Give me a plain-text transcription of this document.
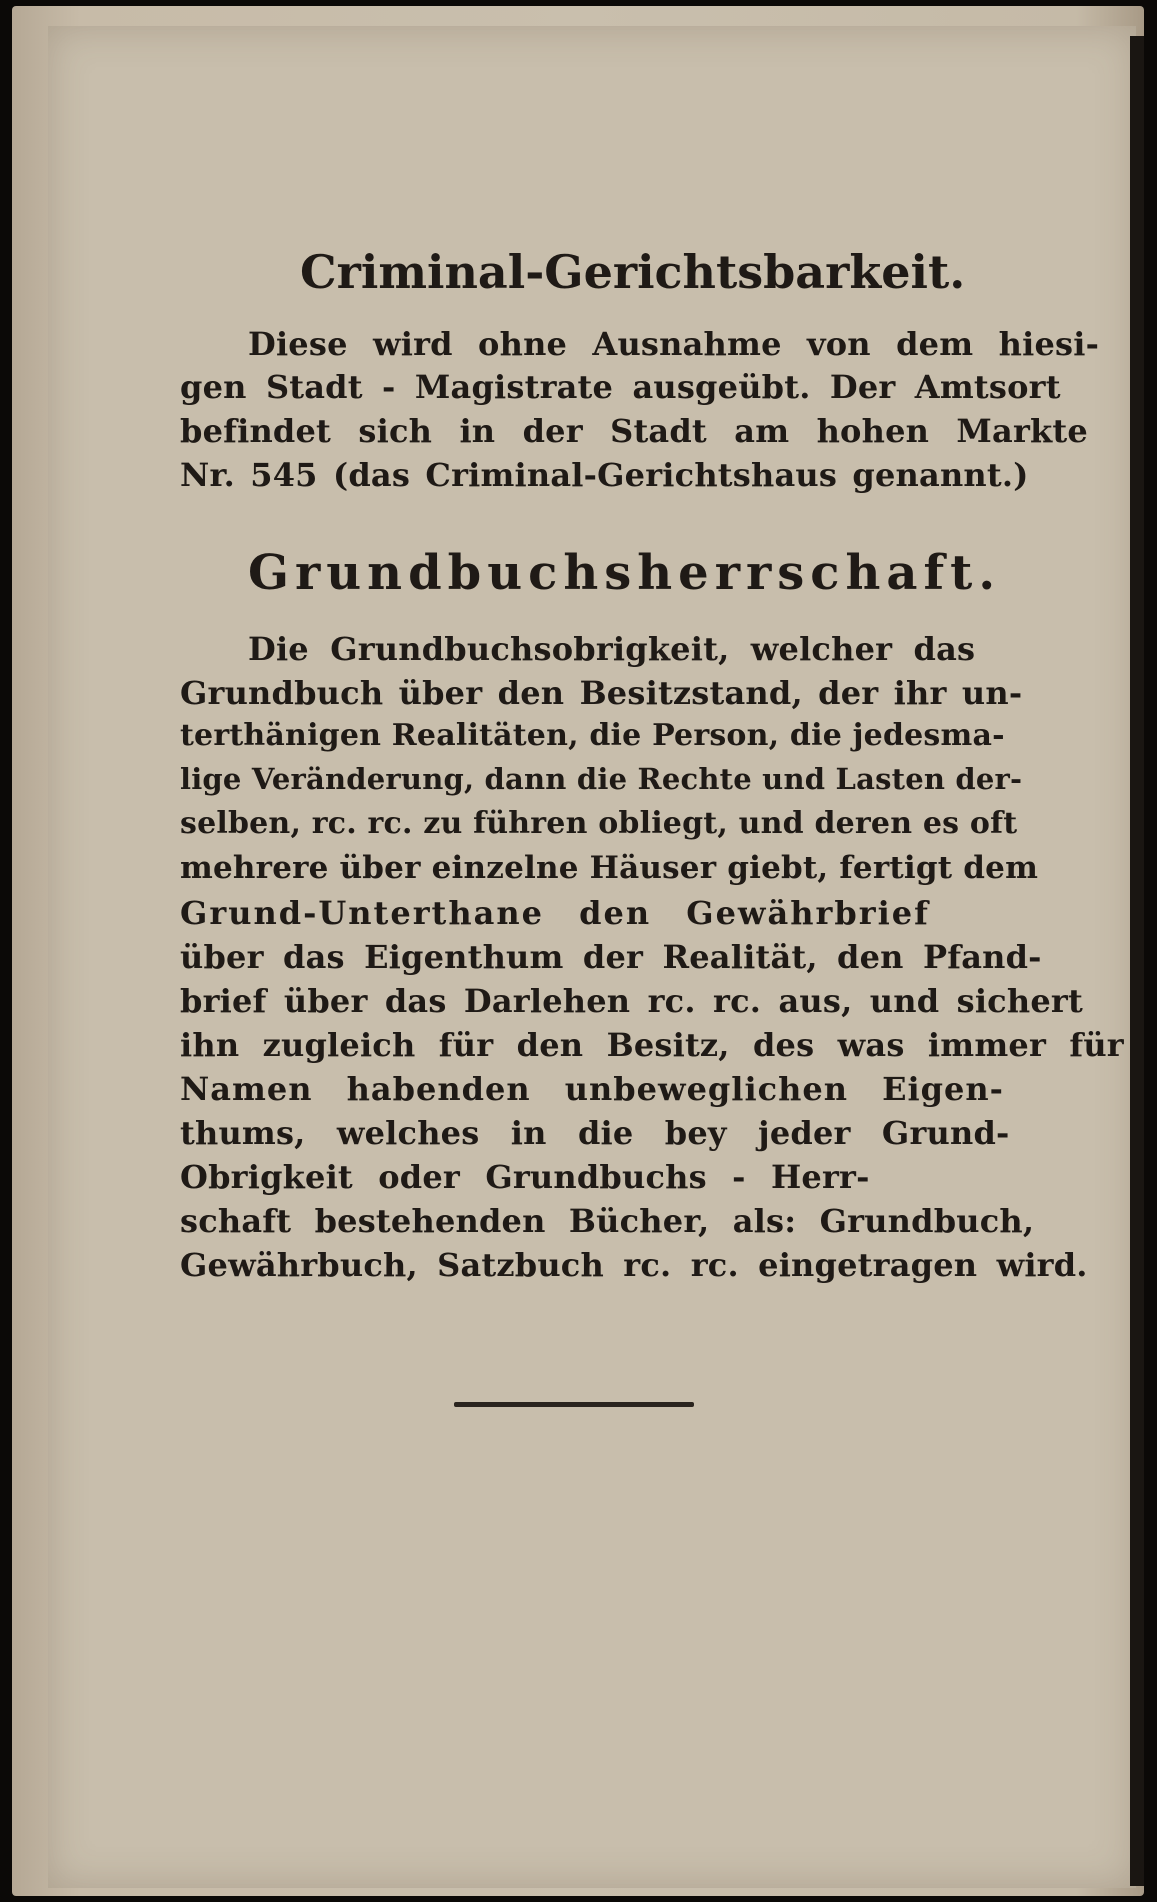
Criminal-Gerichtsbarkeit.
Diese wird ohne Ausnahme von dem hiesi-
gen Stadt - Magistrate ausgeübt. Der Amtsort
befindet sich in der Stadt am hohen Markte
Nr. 545 (das Criminal-Gerichtshaus genannt.)
Grundbuchsherrschaft.
Die Grundbuchsobrigkeit, welcher das
Grundbuch über den Besitzstand, der ihr un-
terthänigen Realitäten, die Person, die jedesma-
lige Veränderung, dann die Rechte und Lasten der-
selben, rc. rc. zu führen obliegt, und deren es oft
mehrere über einzelne Häuser giebt, fertigt dem
Grund-Unterthane den Gewährbrief
über das Eigenthum der Realität, den Pfand-
brief über das Darlehen rc. rc. aus, und sichert
ihn zugleich für den Besitz, des was immer für
Namen habenden unbeweglichen Eigen-
thums, welches in die bey jeder Grund-
Obrigkeit oder Grundbuchs - Herr-
schaft bestehenden Bücher, als: Grundbuch,
Gewährbuch, Satzbuch rc. rc. eingetragen wird.
